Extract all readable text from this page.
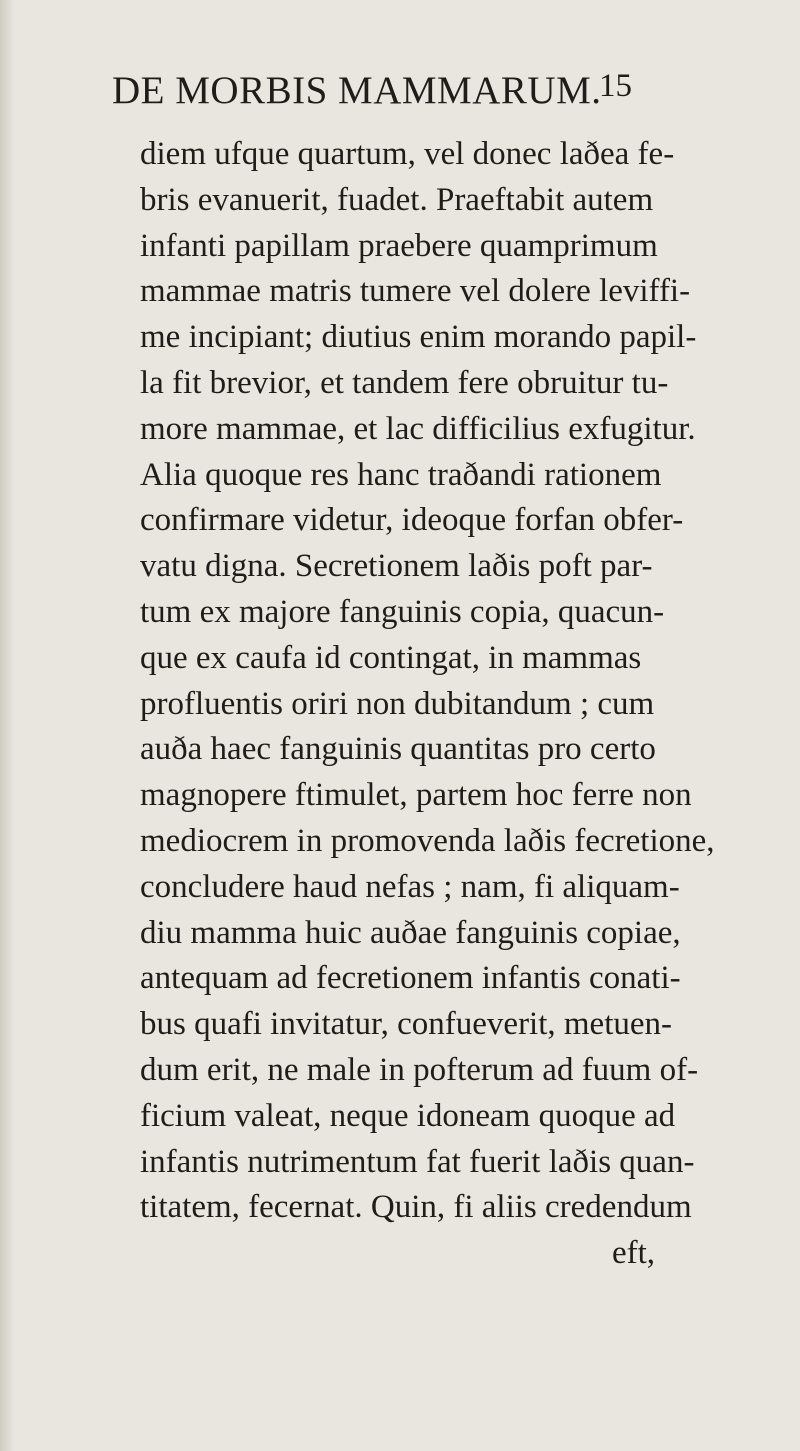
DE MORBIS MAMMARUM.
15
diem ufque quartum, vel donec laðea fe-
bris evanuerit, fuadet. Praeftabit autem
infanti papillam praebere quamprimum
mammae matris tumere vel dolere leviffi-
me incipiant; diutius enim morando papil-
la fit brevior, et tandem fere obruitur tu-
more mammae, et lac difficilius exfugitur.
Alia quoque res hanc traðandi rationem
confirmare videtur, ideoque forfan obfer-
vatu digna. Secretionem laðis poft par-
tum ex majore fanguinis copia, quacun-
que ex caufa id contingat, in mammas
profluentis oriri non dubitandum ; cum
auða haec fanguinis quantitas pro certo
magnopere ftimulet, partem hoc ferre non
mediocrem in promovenda laðis fecretione,
concludere haud nefas ; nam, fi aliquam-
diu mamma huic auðae fanguinis copiae,
antequam ad fecretionem infantis conati-
bus quafi invitatur, confueverit, metuen-
dum erit, ne male in pofterum ad fuum of-
ficium valeat, neque idoneam quoque ad
infantis nutrimentum fat fuerit laðis quan-
titatem, fecernat. Quin, fi aliis credendum
eft,
